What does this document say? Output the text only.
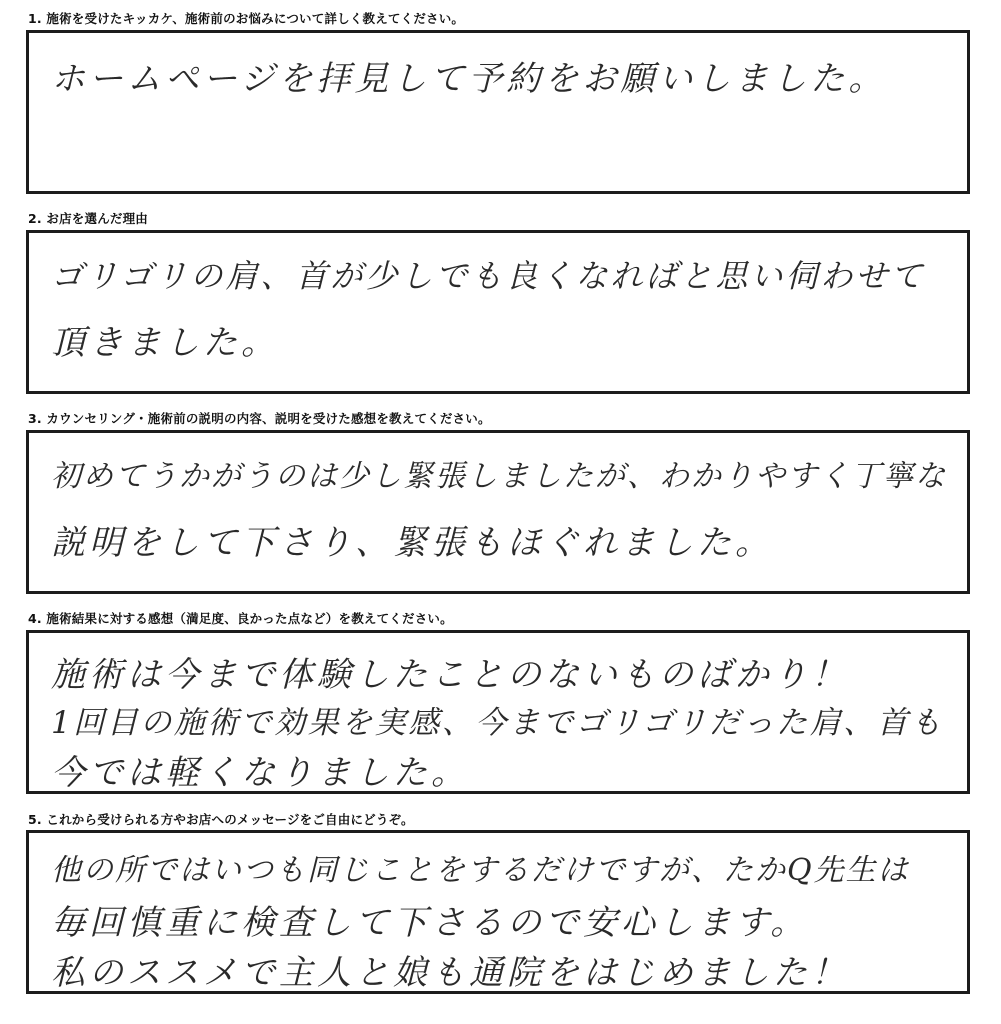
1. 施術を受けたキッカケ、施術前のお悩みについて詳しく教えてください。
ホームページを拝見して予約をお願いしました。
2. お店を選んだ理由
ゴリゴリの肩、首が少しでも良くなればと思い伺わせて
頂きました。
3. カウンセリング・施術前の説明の内容、説明を受けた感想を教えてください。
初めてうかがうのは少し緊張しましたが、わかりやすく丁寧な
説明をして下さり、緊張もほぐれました。
4. 施術結果に対する感想（満足度、良かった点など）を教えてください。
施術は今まで体験したことのないものばかり！
1回目の施術で効果を実感、今までゴリゴリだった肩、首も
今では軽くなりました。
5. これから受けられる方やお店へのメッセージをご自由にどうぞ。
他の所ではいつも同じことをするだけですが、たかQ先生は
毎回慎重に検査して下さるので安心します。
私のススメで主人と娘も通院をはじめました！
